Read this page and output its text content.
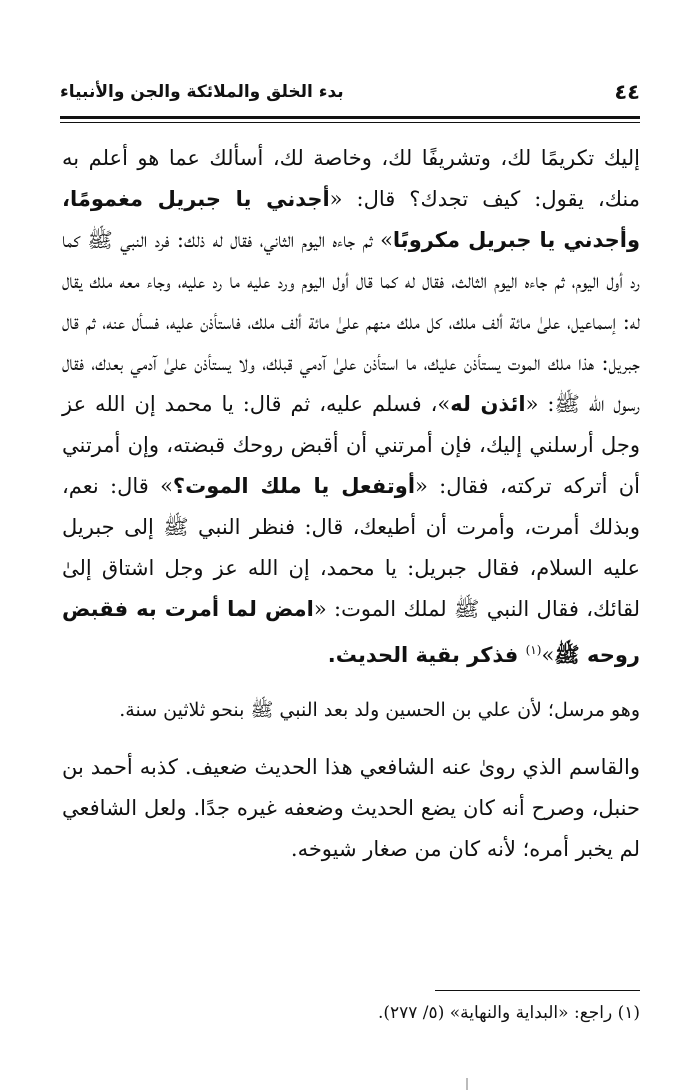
٤٤
بدء الخلق والملائكة والجن والأنبياء

إليك تكريمًا لك، وتشريفًا لك، وخاصة لك، أسألك عما هو أعلم به منك، يقول: كيف تجدك؟ قال: «أجدني يا جبريل مغمومًا، وأجدني يا جبريل مكروبًا» ثم جاءه اليوم الثاني، فقال له ذلك: فرد النبي ﷺ كما رد أول اليوم، ثم جاءه اليوم الثالث، فقال له كما قال أول اليوم ورد عليه ما رد عليه، وجاء معه ملك يقال له: إسماعيل، علىٰ مائة ألف ملك، كل ملك منهم علىٰ مائة ألف ملك، فاستأذن عليه، فسأل عنه، ثم قال جبريل: هذا ملك الموت يستأذن عليك، ما استأذن علىٰ آدمي قبلك، ولا يستأذن علىٰ آدمي بعدك، فقال رسول الله ﷺ: «ائذن له»، فسلم عليه، ثم قال: يا محمد إن الله عز وجل أرسلني إليك، فإن أمرتني أن أقبض روحك قبضته، وإن أمرتني أن أتركه تركته، فقال: «أوتفعل يا ملك الموت؟» قال: نعم، وبذلك أمرت، وأمرت أن أطيعك، قال: فنظر النبي ﷺ إلى جبريل عليه السلام، فقال جبريل: يا محمد، إن الله عز وجل اشتاق إلىٰ لقائك، فقال النبي ﷺ لملك الموت: «امض لما أمرت به فقبض روحه ﷺ»$^{(١)}$ فذكر بقية الحديث.

وهو مرسل؛ لأن علي بن الحسين ولد بعد النبي ﷺ بنحو ثلاثين سنة.

والقاسم الذي روىٰ عنه الشافعي هذا الحديث ضعيف. كذبه أحمد بن حنبل، وصرح أنه كان يضع الحديث وضعفه غيره جدًا. ولعل الشافعي لم يخبر أمره؛ لأنه كان من صغار شيوخه.

(١) راجع: «البداية والنهاية» (٥/ ٢٧٧).
